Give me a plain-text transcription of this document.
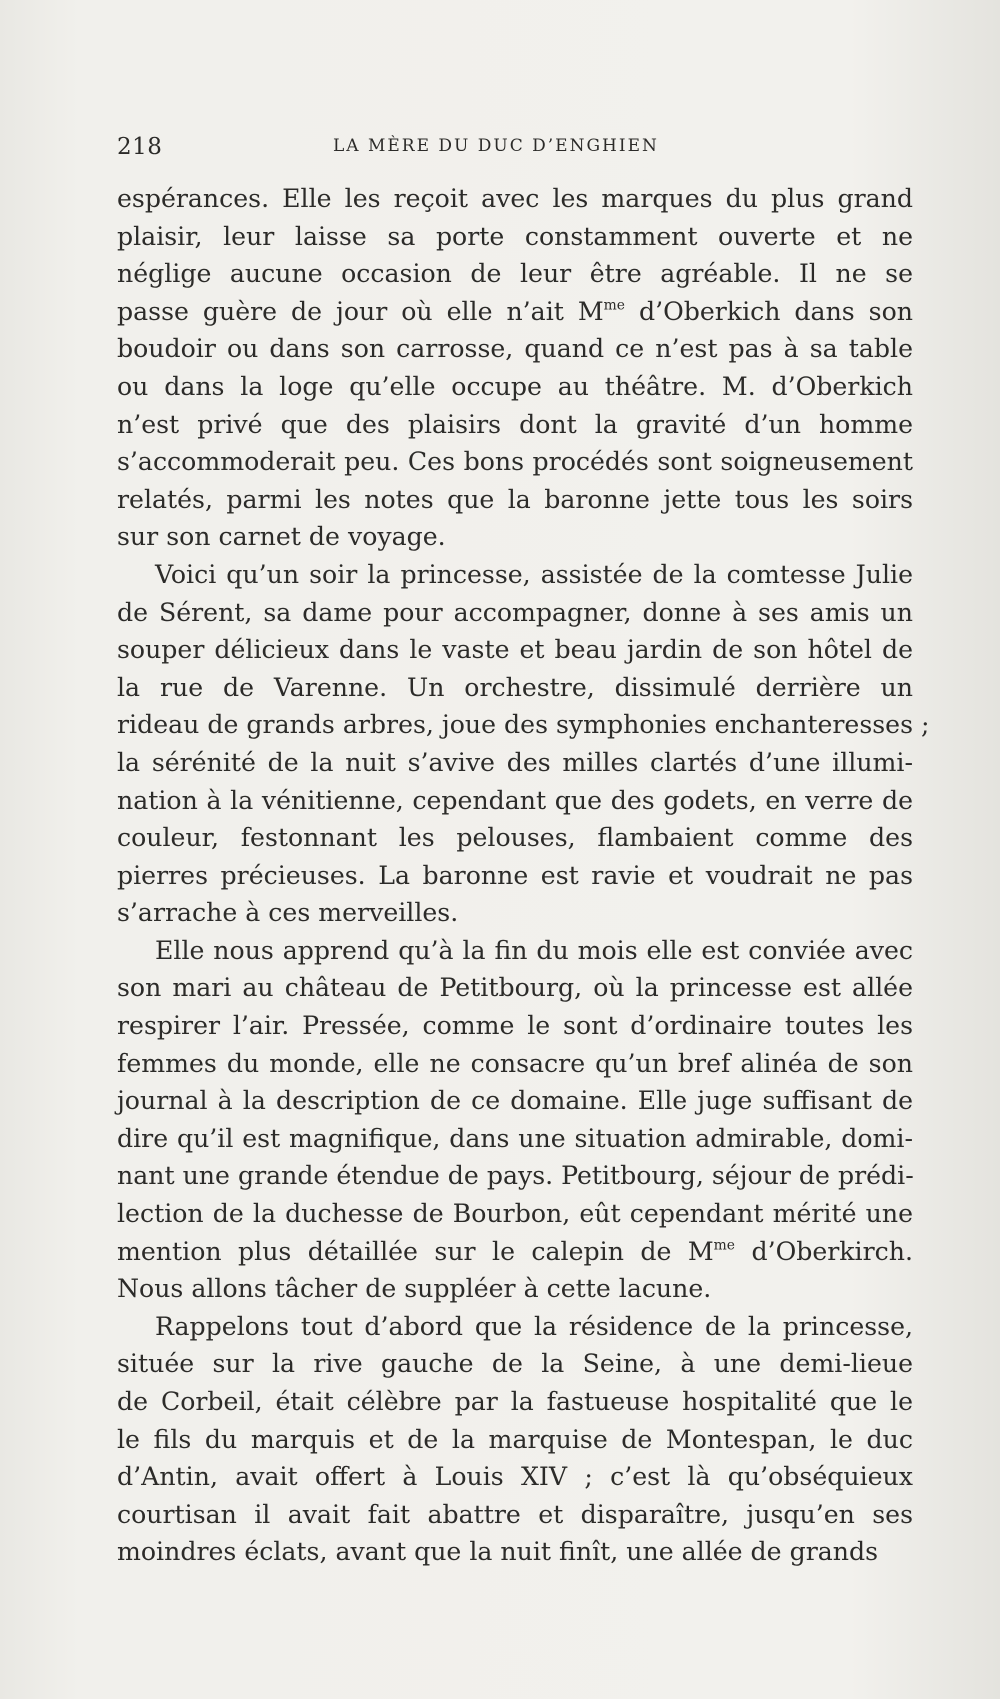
218	LA MÈRE DU DUC D’ENGHIEN
espérances. Elle les reçoit avec les marques du plus grand
plaisir, leur laisse sa porte constamment ouverte et ne
néglige aucune occasion de leur être agréable. Il ne se
passe guère de jour où elle n’ait $M^{me}$ d’Oberkich dans son
boudoir ou dans son carrosse, quand ce n’est pas à sa table
ou dans la loge qu’elle occupe au théâtre. M. d’Oberkich
n’est privé que des plaisirs dont la gravité d’un homme
s’accommoderait peu. Ces bons procédés sont soigneusement
relatés, parmi les notes que la baronne jette tous les soirs
sur son carnet de voyage.
Voici qu’un soir la princesse, assistée de la comtesse Julie
de Sérent, sa dame pour accompagner, donne à ses amis un
souper délicieux dans le vaste et beau jardin de son hôtel de
la rue de Varenne. Un orchestre, dissimulé derrière un
rideau de grands arbres, joue des symphonies enchanteresses ;
la sérénité de la nuit s’avive des milles clartés d’une illumi-
nation à la vénitienne, cependant que des godets, en verre de
couleur, festonnant les pelouses, flambaient comme des
pierres précieuses. La baronne est ravie et voudrait ne pas
s’arrache à ces merveilles.
Elle nous apprend qu’à la fin du mois elle est conviée avec
son mari au château de Petitbourg, où la princesse est allée
respirer l’air. Pressée, comme le sont d’ordinaire toutes les
femmes du monde, elle ne consacre qu’un bref alinéa de son
journal à la description de ce domaine. Elle juge suffisant de
dire qu’il est magnifique, dans une situation admirable, domi-
nant une grande étendue de pays. Petitbourg, séjour de prédi-
lection de la duchesse de Bourbon, eût cependant mérité une
mention plus détaillée sur le calepin de $M^{me}$ d’Oberkirch.
Nous allons tâcher de suppléer à cette lacune.
Rappelons tout d’abord que la résidence de la princesse,
située sur la rive gauche de la Seine, à une demi-lieue
de Corbeil, était célèbre par la fastueuse hospitalité que le
le fils du marquis et de la marquise de Montespan, le duc
d’Antin, avait offert à Louis XIV ; c’est là qu’obséquieux
courtisan il avait fait abattre et disparaître, jusqu’en ses
moindres éclats, avant que la nuit finît, une allée de grands
